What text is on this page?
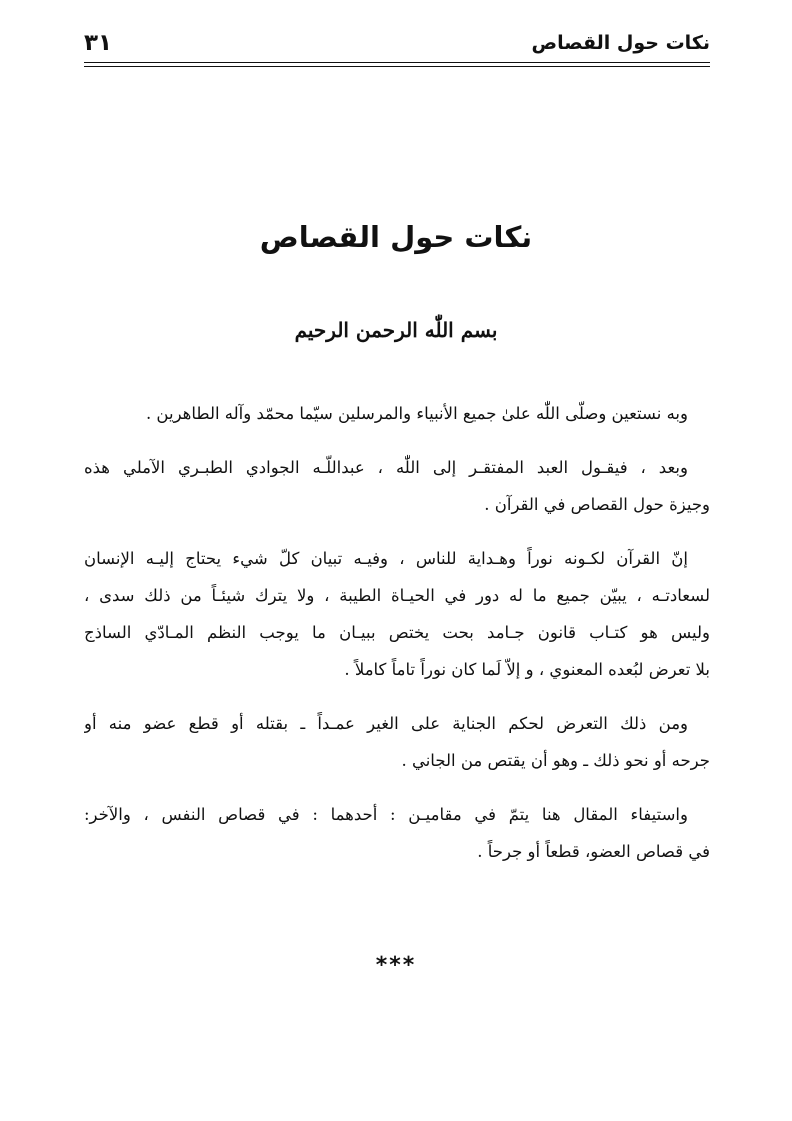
نكات حول القصاص
٣١
نكات حول القصاص
بسم اللّٰه الرحمن الرحيم

وبه نستعين وصلّى اللّٰه علىٰ جميع الأنبياء والمرسلين سيّما محمّد وآله الطاهرين .

وبعد ، فيقـول العبد المفتقـر إلى اللّٰه ، عبداللّـه الجوادي الطبـري الآملي هذه
وجيزة حول القصاص في القرآن .

إنّ القرآن لكـونه نوراً وهـداية للناس ، وفيـه تبيان كلّ شيء يحتاج إليـه الإنسان
لسعادتـه ، يبيّن جميع ما له دور في الحيـاة الطيبة ، ولا يترك شيئـاً من ذلك سدى ،
وليس هو كتـاب قانون جـامد بحت يختص ببيـان ما يوجب النظم المـادّي الساذج
بلا تعرض لبُعده المعنوي ، و إلاّ لَما كان نوراً تاماً كاملاً .

ومن ذلك التعرض لحكم الجناية على الغير عمـداً ـ بقتله أو قطع عضو منه أو
جرحه أو نحو ذلك ـ وهو أن يقتص من الجاني .

واستيفاء المقال هنا يتمّ في مقاميـن : أحدهما : في قصاص النفس ، والآخر:
في قصاص العضو، قطعاً أو جرحاً .

***
